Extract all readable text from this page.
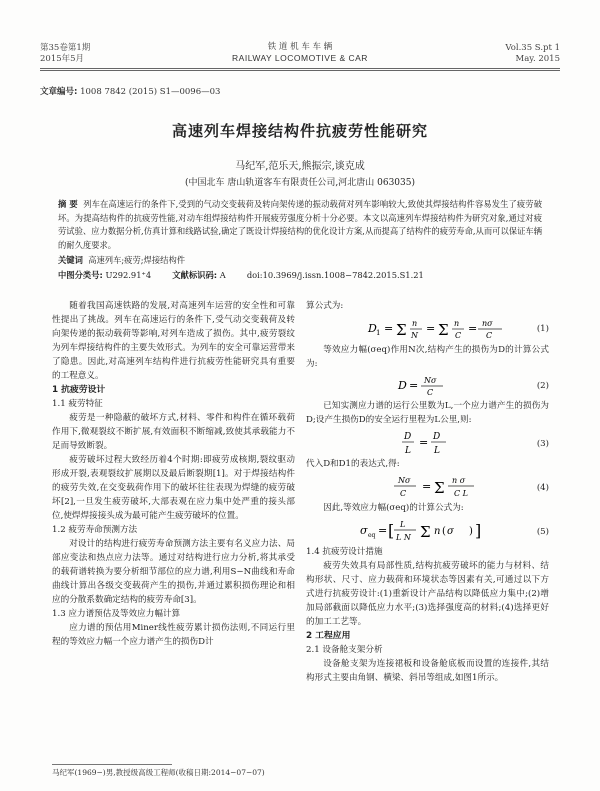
第35卷第1期
2015年5月
铁 道 机 车 车 辆
RAILWAY LOCOMOTIVE & CAR
Vol.35 S.pt 1
May. 2015
文章编号: 1008 7842 (2015) S1—0096—03
高速列车焊接结构件抗疲劳性能研究
马纪军,范乐天,熊振宗,谈克成
(中国北车 唐山轨道客车有限责任公司,河北唐山 063035)
摘 要 列车在高速运行的条件下,受到的气动交变载荷及转向架传递的振动载荷对列车影响较大,致使其焊接结构件容易发生了疲劳破坏。为提高结构件的抗疲劳性能,对动车组焊接结构件开展疲劳强度分析十分必要。本文以高速列车焊接结构件为研究对象,通过对疲劳试验、应力数据分析,仿真计算和线路试验,确定了既设计焊接结构的优化设计方案,从而提高了结构件的疲劳寿命,从而可以保证车辆的耐久度要求。
关键词 高速列车;疲劳;焊接结构件
中图分类号: U292.91⁺4	文献标识码: A	doi:10.3969/j.issn.1008−7842.2015.S1.21

随着我国高速铁路的发展,对高速列车运营的安全性和可靠性提出了挑战。列车在高速运行的条件下,受气动交变载荷及转向架传递的振动载荷等影响,对列车造成了损伤。其中,疲劳裂纹为列车焊接结构件的主要失效形式。为列车的安全可靠运营带来了隐患。因此,对高速列车结构件进行抗疲劳性能研究具有重要的工程意义。

1 抗疲劳设计
1.1 疲劳特征

疲劳是一种隐蔽的破坏方式,材料、零件和构件在循环载荷作用下,微观裂纹不断扩展,有效面积不断缩减,致使其承载能力不足而导致断裂。

疲劳破坏过程大致经历着4个时期:即疲劳成核期,裂纹驱动形成开裂,表观裂纹扩展期以及最后断裂期[1]。对于焊接结构件的疲劳失效,在交变载荷作用下的破坏往往表现为焊缝的疲劳破坏[2],一旦发生疲劳破坏,大部表观在应力集中处严重的接头部位,使焊焊接接头成为最可能产生疲劳破坏的位置。

1.2 疲劳寿命预测方法

对设计的结构进行疲劳寿命预测方法主要有名义应力法、局部应变法和热点应力法等。通过对结构进行应力分析,将其承受的载荷谱转换为要分析细节部位的应力谱,利用S−N曲线和寿命曲线计算出各级交变载荷产生的损伤,并通过累积损伤理论和相应的分散系数确定结构的疲劳寿命[3]。

1.3 应力谱预估及等效应力幅计算

应力谱的预估用Miner线性疲劳累计损伤法则,不同运行里程的等效应力幅一个应力谱产生的损伤D计

算公式为:
D 1 = Σ n
N
= Σ n
C
= nσ
C
(1)

等效应力幅(σeq)作用N次,结构产生的损伤为D的计算公式为:

D = Nσ
C
(2)

已知实测应力谱的运行公里数为L,一个应力谱产生的损伤为D;设产生损伤D的安全运行里程为L公里,则:

D
L
= D
L
(3)
代入D和D1的表达式,得:
Nσ
C
= Σ n σ
C L
(4)

因此,等效应力幅(σeq)的计算公式为:

σ eq = [ L
L N Σ n ( σ ) ]	(5)
1.4 抗疲劳设计措施

疲劳失效具有局部性质,结构抗疲劳破坏的能力与材料、结构形状、尺寸、应力载荷和环境状态等因素有关,可通过以下方式进行抗疲劳设计:(1)重新设计产品结构以降低应力集中;(2)增加局部截面以降低应力水平;(3)选择强度高的材料;(4)选择更好的加工工艺等。

2 工程应用
2.1 设备舱支架分析

设备舱支架为连接裙板和设备舱底板而设置的连接件,其结构形式主要由角钢、横梁、斜吊等组成,如图1所示。

马纪军(1969−)男,教授级高级工程师(收稿日期:2014−07−07)
